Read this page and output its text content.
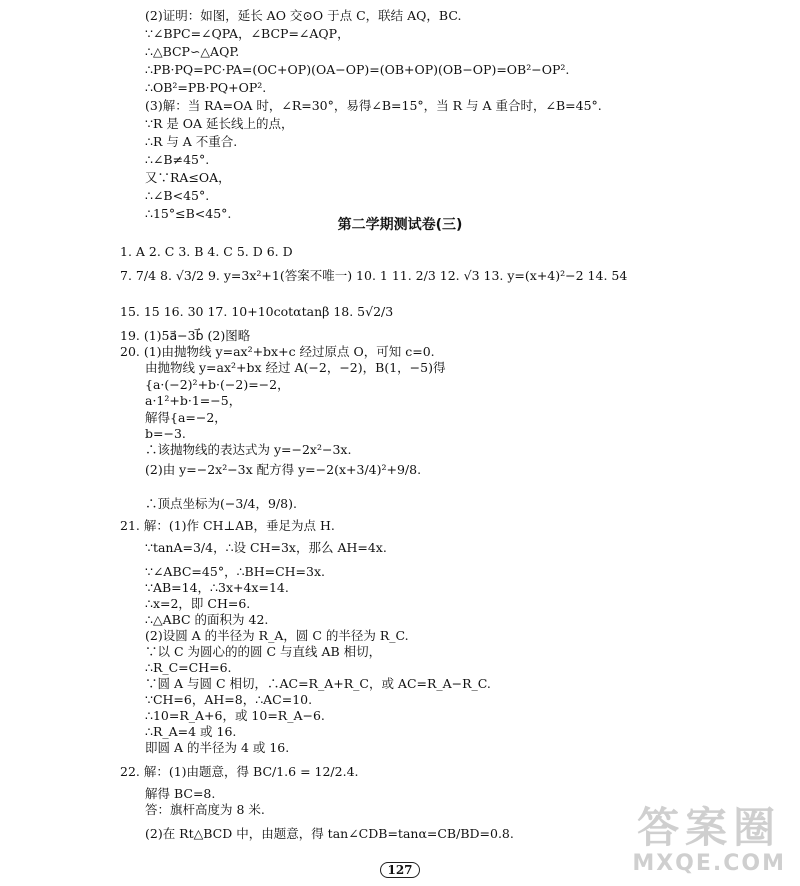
(2)证明：如图，延长 AO 交⊙O 于点 C，联结 AQ，BC.
∵∠BPC=∠QPA，∠BCP=∠AQP，
∴△BCP∽△AQP.
∴PB·PQ=PC·PA=(OC+OP)(OA−OP)=(OB+OP)(OB−OP)=OB²−OP².
∴OB²=PB·PQ+OP².
(3)解：当 RA=OA 时，∠R=30°，易得∠B=15°，当 R 与 A 重合时，∠B=45°.
∵R 是 OA 延长线上的点，
∴R 与 A 不重合.
∴∠B≠45°.
又∵RA≤OA，
∴∠B<45°.
∴15°≤B<45°.
1. A 2. C 3. B 4. C 5. D 6. D
7. 7/4 8. √3/2 9. y=3x²+1(答案不唯一) 10. 1 11. 2/3 12. √3 13. y=(x+4)²−2 14. 54
15. 15 16. 30 17. 10+10cotαtanβ 18. 5√2/3
19. (1)5a⃗−3b⃗ (2)图略
20. (1)由抛物线 y=ax²+bx+c 经过原点 O，可知 c=0.
由抛物线 y=ax²+bx 经过 A(−2，−2)，B(1，−5)得
{a·(−2)²+b·(−2)=−2，
a·1²+b·1=−5，
解得{a=−2，
b=−3.
∴该抛物线的表达式为 y=−2x²−3x.
(2)由 y=−2x²−3x 配方得 y=−2(x+3/4)²+9/8.
∴顶点坐标为(−3/4，9/8).
21. 解：(1)作 CH⊥AB，垂足为点 H.
∵tanA=3/4，∴设 CH=3x，那么 AH=4x.
∵∠ABC=45°，∴BH=CH=3x.
∵AB=14，∴3x+4x=14.
∴x=2，即 CH=6.
∴△ABC 的面积为 42.
(2)设圆 A 的半径为 R_A，圆 C 的半径为 R_C.
∵以 C 为圆心的的圆 C 与直线 AB 相切，
∴R_C=CH=6.
∵圆 A 与圆 C 相切，∴AC=R_A+R_C，或 AC=R_A−R_C.
∵CH=6，AH=8，∴AC=10.
∴10=R_A+6，或 10=R_A−6.
∴R_A=4 或 16.
即圆 A 的半径为 4 或 16.
22. 解：(1)由题意，得 BC/1.6 = 12/2.4.
解得 BC=8.
答：旗杆高度为 8 米.
(2)在 Rt△BCD 中，由题意，得 tan∠CDB=tanα=CB/BD=0.8.
第二学期测试卷(三)
127
答案圈
MXQE.COM
